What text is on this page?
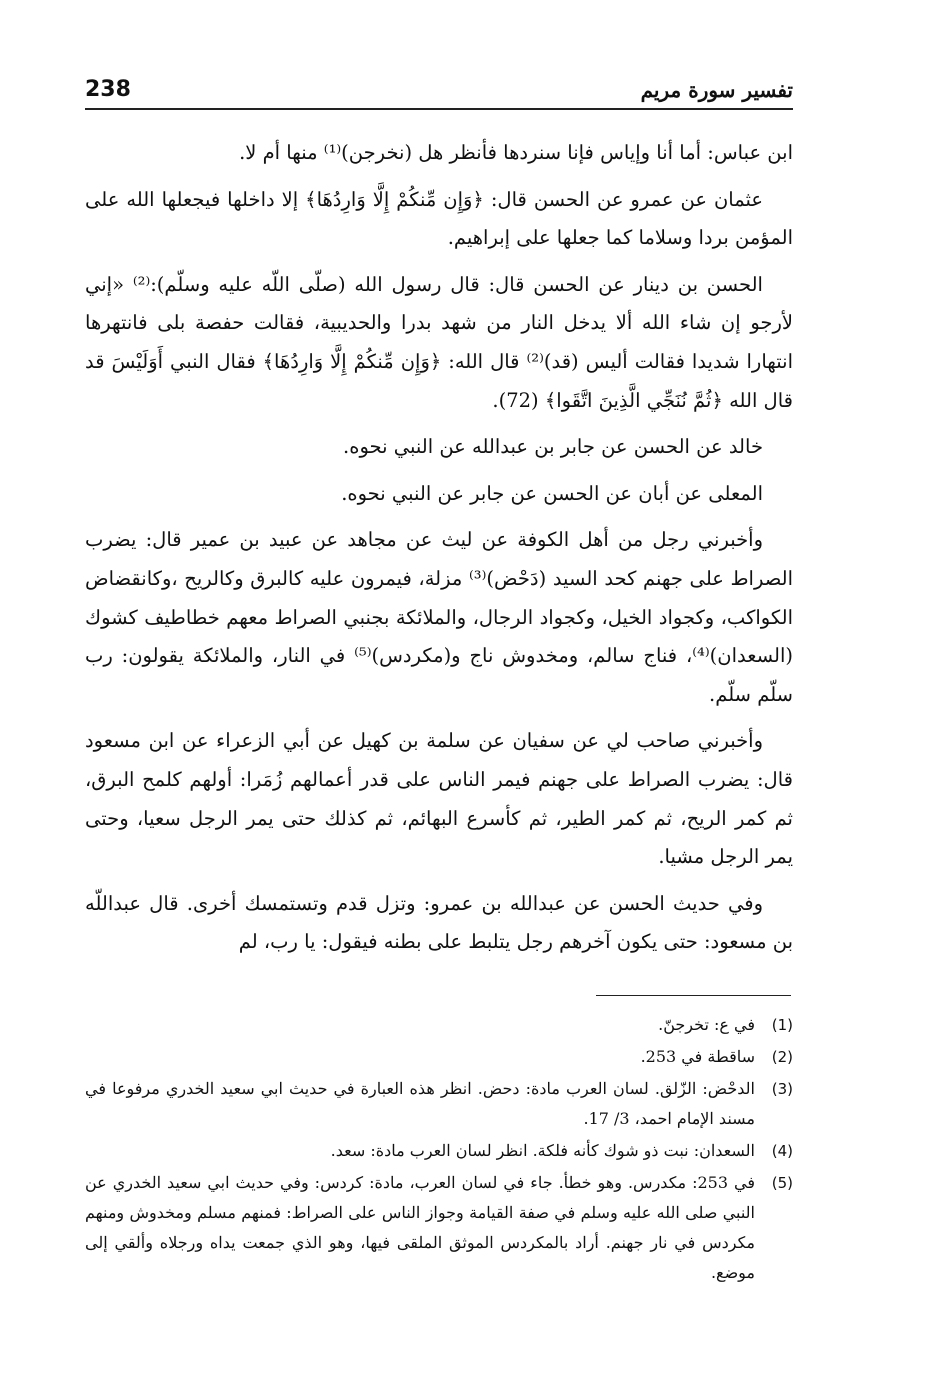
تفسير سورة مريم
238

ابن عباس: أما أنا وإياس فإنا سنردها فأنظر هل (نخرجن)⁽¹⁾ منها أم لا.

عثمان عن عمرو عن الحسن قال: ﴿وَإِن مِّنكُمْ إِلَّا وَارِدُهَا﴾ إلا داخلها فيجعلها الله على المؤمن بردا وسلاما كما جعلها على إبراهيم.

الحسن بن دينار عن الحسن قال: قال رسول الله (صلّى اللّه عليه وسلّم):⁽²⁾ «إني لأرجو إن شاء الله ألا يدخل النار من شهد بدرا والحديبية، فقالت حفصة بلى فانتهرها انتهارا شديدا فقالت أليس (قد)⁽²⁾ قال الله: ﴿وَإِن مِّنكُمْ إِلَّا وَارِدُهَا﴾ فقال النبي أَوَلَيْسَ قد قال الله ﴿ثُمَّ نُنَجِّي الَّذِينَ اتَّقَوا﴾ (72).

خالد عن الحسن عن جابر بن عبدالله عن النبي نحوه.

المعلى عن أبان عن الحسن عن جابر عن النبي نحوه.

وأخبرني رجل من أهل الكوفة عن ليث عن مجاهد عن عبيد بن عمير قال: يضرب الصراط على جهنم كحد السيد (دَحْض)⁽³⁾ مزلة، فيمرون عليه كالبرق وكالريح ،وكانقضاض الكواكب، وكجواد الخيل، وكجواد الرجال، والملائكة بجنبي الصراط معهم خطاطيف كشوك (السعدان)⁽⁴⁾، فناج سالم، ومخدوش ناج و(مكردس)⁽⁵⁾ في النار، والملائكة يقولون: رب سلّم سلّم.

وأخبرني صاحب لي عن سفيان عن سلمة بن كهيل عن أبي الزعراء عن ابن مسعود قال: يضرب الصراط على جهنم فيمر الناس على قدر أعمالهم زُمَرا: أولهم كلمح البرق، ثم كمر الريح، ثم كمر الطير، ثم كأسرع البهائم، ثم كذلك حتى يمر الرجل سعيا، وحتى يمر الرجل مشيا.

وفي حديث الحسن عن عبدالله بن عمرو: وتزل قدم وتستمسك أخرى. قال عبداللّه بن مسعود: حتى يكون آخرهم رجل يتلبط على بطنه فيقول: يا رب، لم

(1)
في ع: تخرجنّ.
(2)
ساقطة في 253.
(3)
الدحْض: الزّلق. لسان العرب مادة: دحض. انظر هذه العبارة في حديث ابي سعيد الخدري مرفوعا في مسند الإمام احمد، 3/ 17.
(4)
السعدان: نبت ذو شوك كأنه فلكة. انظر لسان العرب مادة: سعد.
(5)
في 253: مكدرس. وهو خطأ. جاء في لسان العرب، مادة: كردس: وفي حديث ابي سعيد الخدري عن النبي صلى الله عليه وسلم في صفة القيامة وجواز الناس على الصراط: فمنهم مسلم ومخدوش ومنهم مكردس في نار جهنم. أراد بالمكردس الموثق الملقى فيها، وهو الذي جمعت يداه ورجلاه وألقي إلى موضع.
